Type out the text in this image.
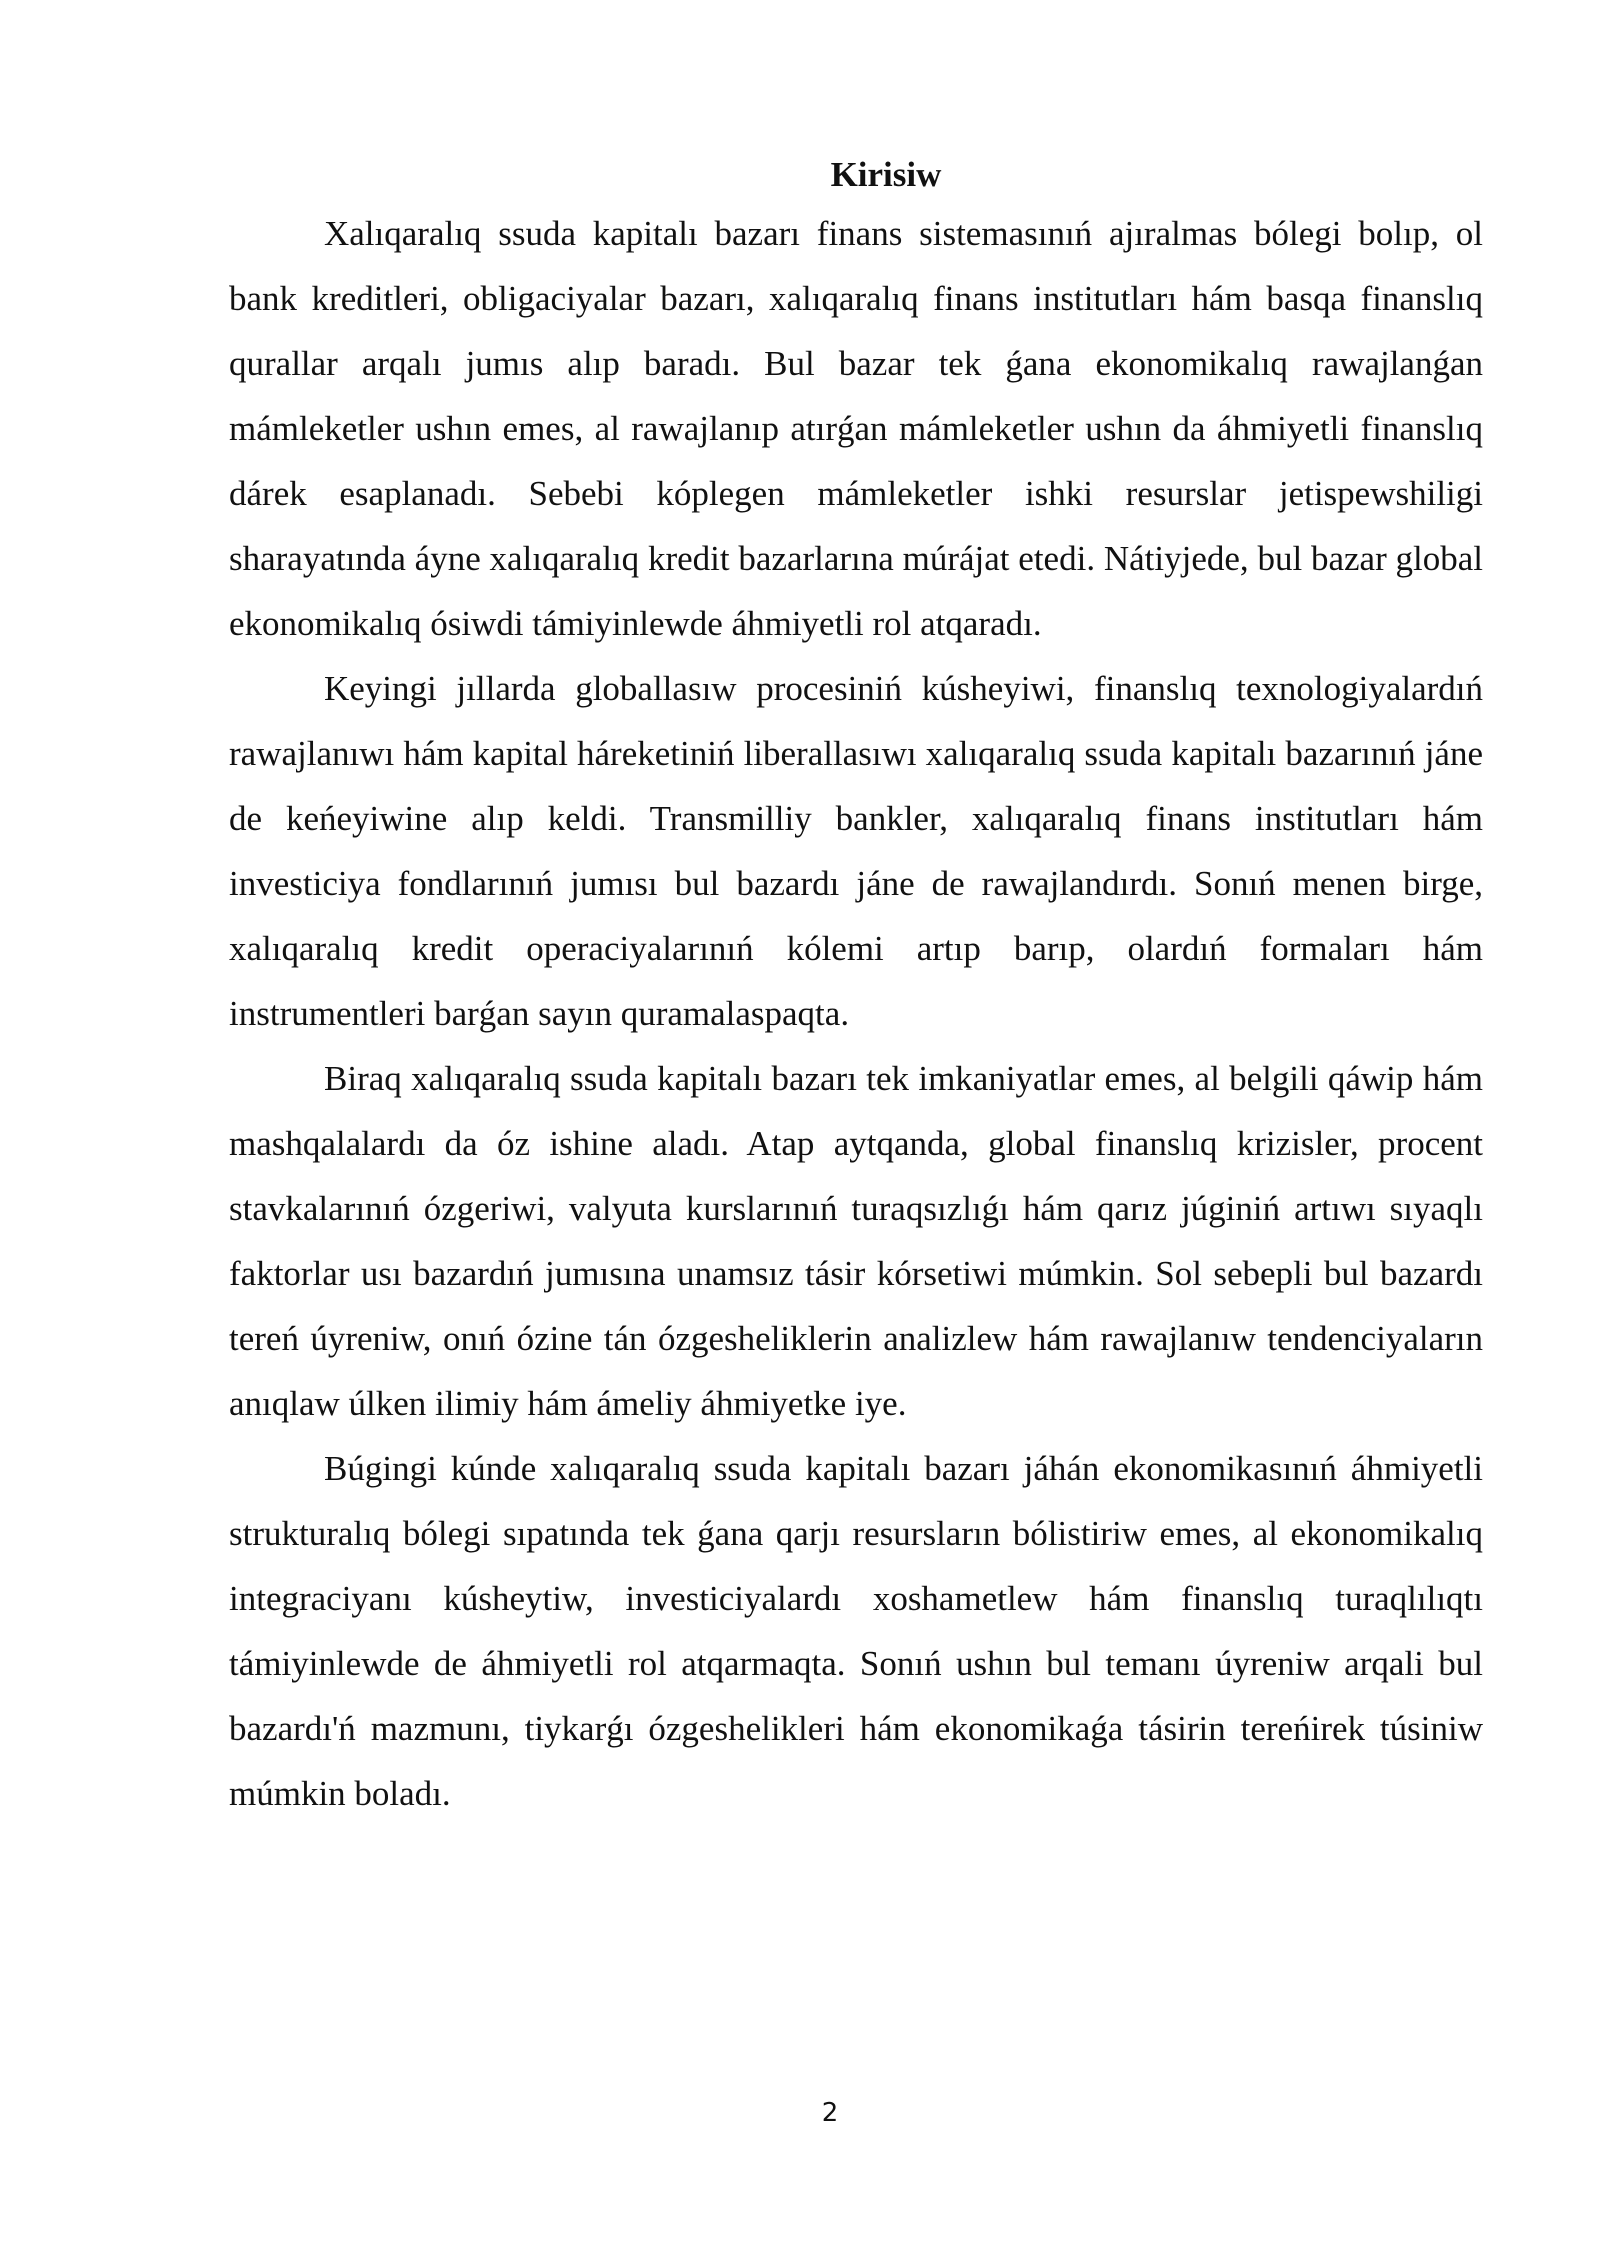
Kirisiw

Xalıqaralıq ssuda kapitalı bazarı finans sistemasınıń ajıralmas bólegi bolıp, ol bank kreditleri, obligaciyalar bazarı, xalıqaralıq finans institutları hám basqa finanslıq qurallar arqalı jumıs alıp baradı. Bul bazar tek ǵana ekonomikalıq rawajlanǵan mámleketler ushın emes, al rawajlanıp atırǵan mámleketler ushın da áhmiyetli finanslıq dárek esaplanadı. Sebebi kóplegen mámleketler ishki resurslar jetispewshiligi sharayatında áyne xalıqaralıq kredit bazarlarına múrájat etedi. Nátiyjede, bul bazar global ekonomikalıq ósiwdi támiyinlewde áhmiyetli rol atqaradı.

Keyingi jıllarda globallasıw procesiniń kúsheyiwi, finanslıq texnologiyalardıń rawajlanıwı hám kapital háreketiniń liberallasıwı xalıqaralıq ssuda kapitalı bazarınıń jáne de keńeyiwine alıp keldi. Transmilliy bankler, xalıqaralıq finans institutları hám investiciya fondlarınıń jumısı bul bazardı jáne de rawajlandırdı. Sonıń menen birge, xalıqaralıq kredit operaciyalarınıń kólemi artıp barıp, olardıń formaları hám instrumentleri barǵan sayın quramalaspaqta.

Biraq xalıqaralıq ssuda kapitalı bazarı tek imkaniyatlar emes, al belgili qáwip hám mashqalalardı da óz ishine aladı. Atap aytqanda, global finanslıq krizisler, procent stavkalarınıń ózgeriwi, valyuta kurslarınıń turaqsızlıǵı hám qarız júginiń artıwı sıyaqlı faktorlar usı bazardıń jumısına unamsız tásir kórsetiwi múmkin. Sol sebepli bul bazardı tereń úyreniw, onıń ózine tán ózgesheliklerin analizlew hám rawajlanıw tendenciyaların anıqlaw úlken ilimiy hám ámeliy áhmiyetke iye.

Búgingi kúnde xalıqaralıq ssuda kapitalı bazarı jáhán ekonomikasınıń áhmiyetli strukturalıq bólegi sıpatında tek ǵana qarjı resursların bólistiriw emes, al ekonomikalıq integraciyanı kúsheytiw, investiciyalardı xoshametlew hám finanslıq turaqlılıqtı támiyinlewde de áhmiyetli rol atqarmaqta. Sonıń ushın bul temanı úyreniw arqali bul bazardı'ń mazmunı, tiykarǵı ózgeshelikleri hám ekonomikaǵa tásirin tereńirek túsiniw múmkin boladı.

2
